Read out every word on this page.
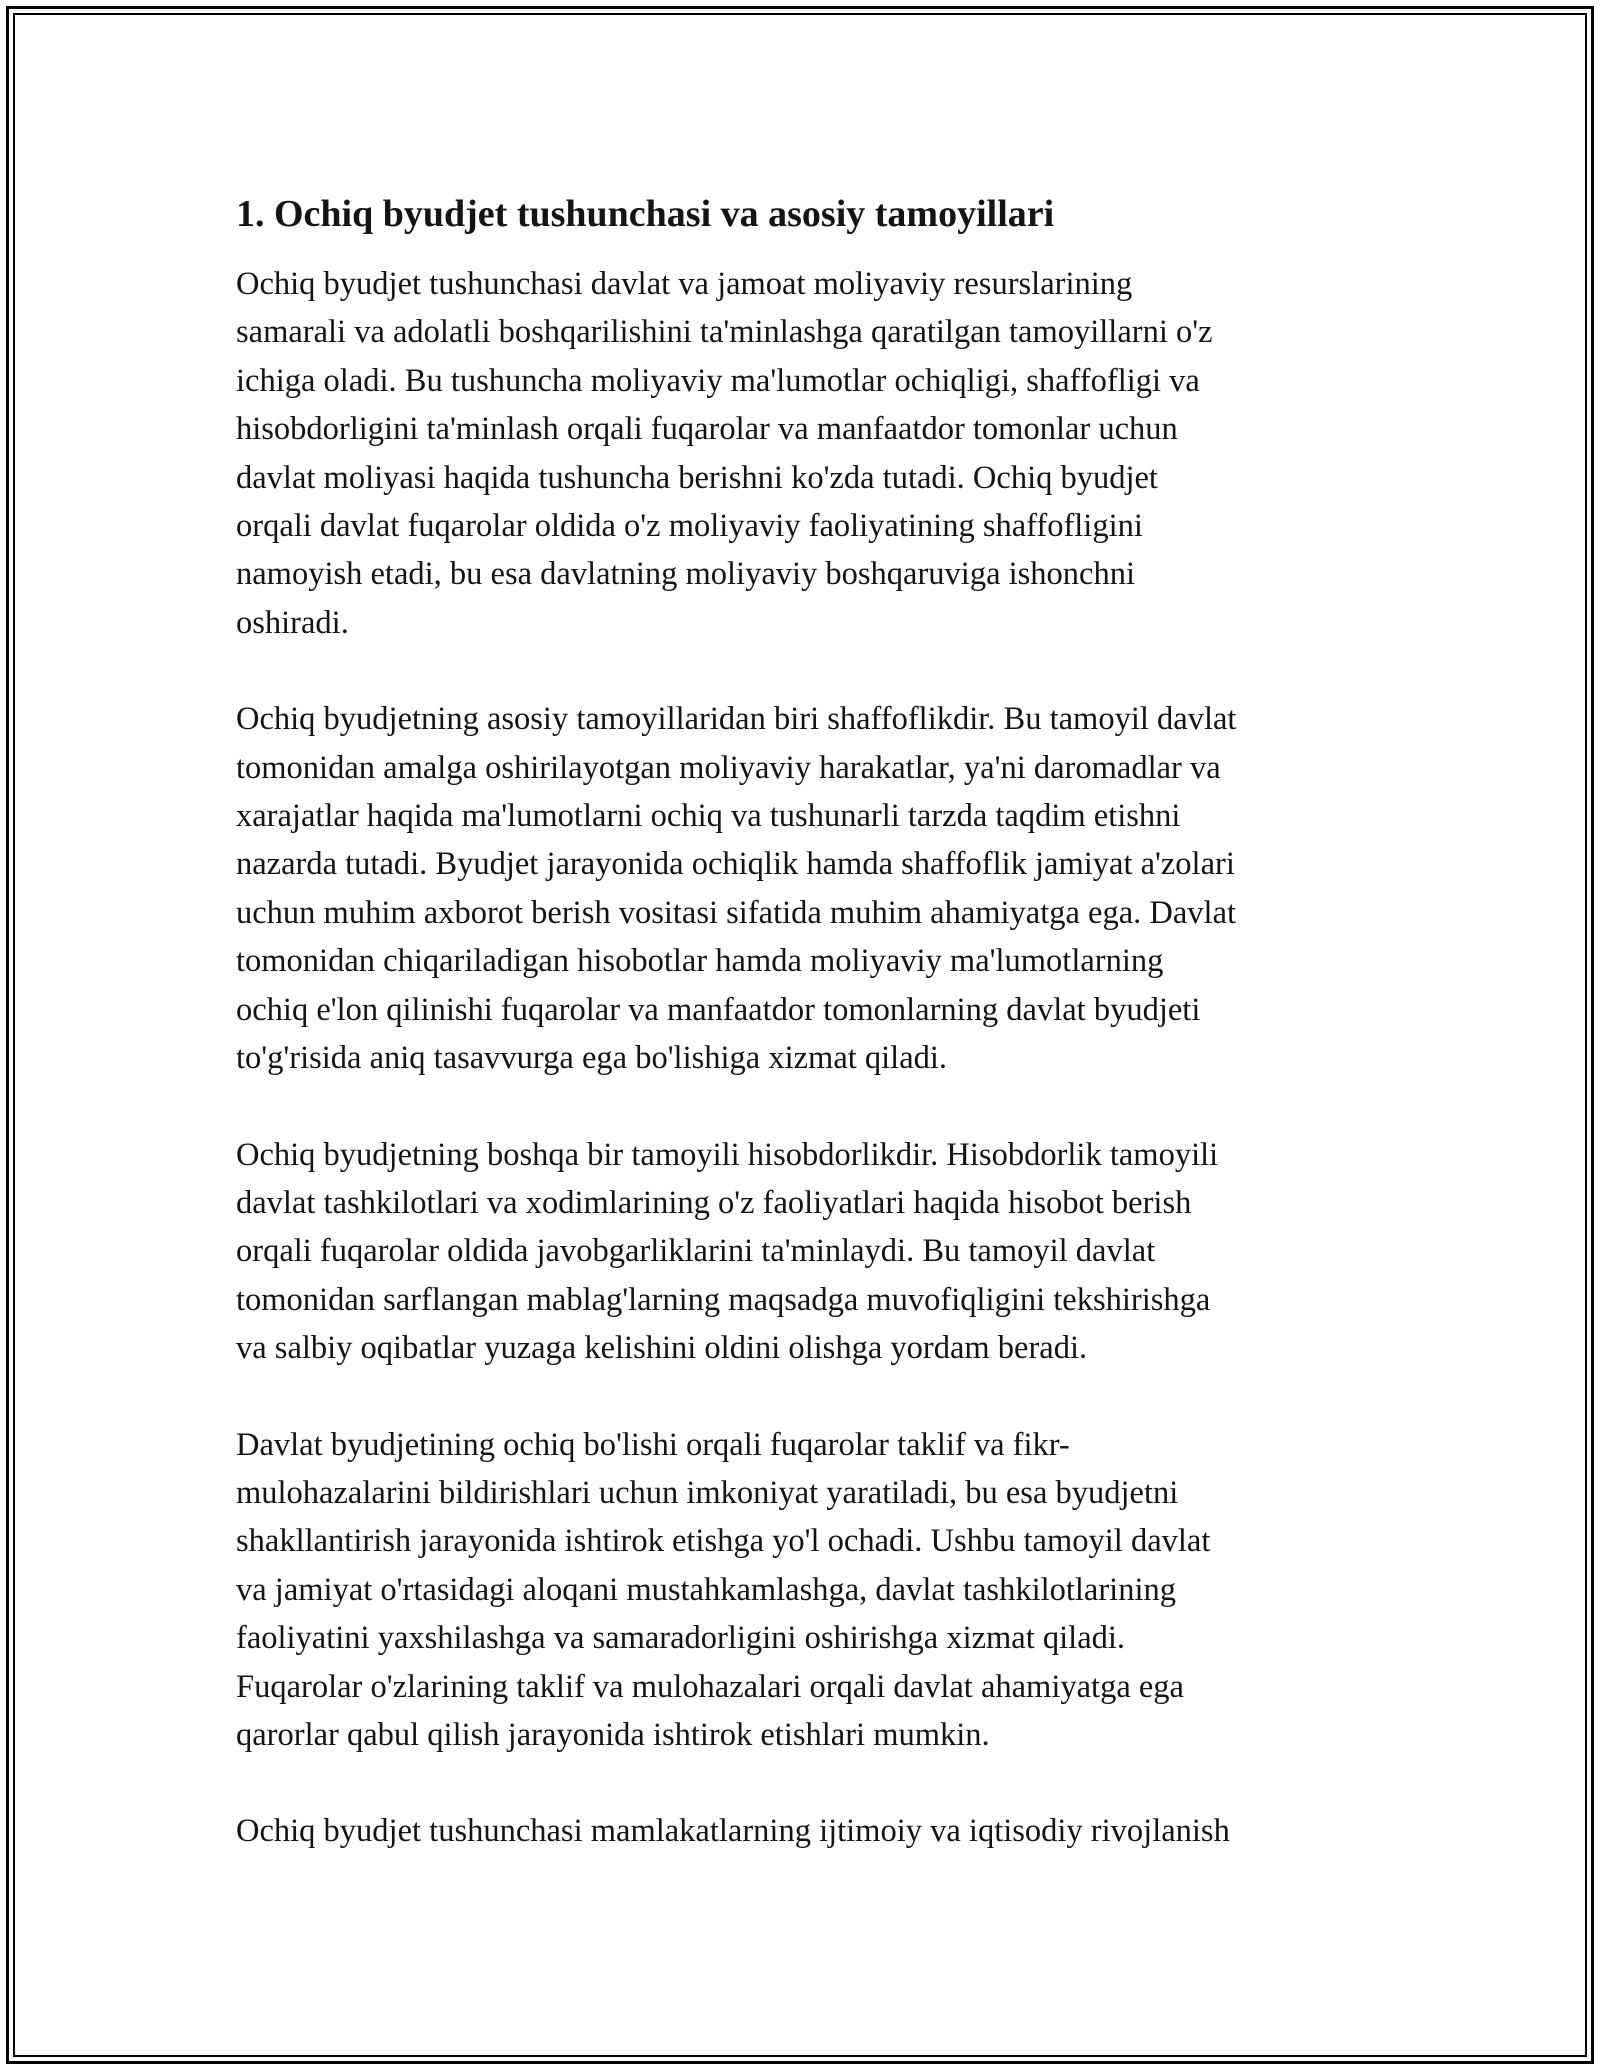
1. Ochiq byudjet tushunchasi va asosiy tamoyillari

Ochiq byudjet tushunchasi davlat va jamoat moliyaviy resurslarining
samarali va adolatli boshqarilishini ta'minlashga qaratilgan tamoyillarni o'z
ichiga oladi. Bu tushuncha moliyaviy ma'lumotlar ochiqligi, shaffofligi va
hisobdorligini ta'minlash orqali fuqarolar va manfaatdor tomonlar uchun
davlat moliyasi haqida tushuncha berishni ko'zda tutadi. Ochiq byudjet
orqali davlat fuqarolar oldida o'z moliyaviy faoliyatining shaffofligini
namoyish etadi, bu esa davlatning moliyaviy boshqaruviga ishonchni
oshiradi.

Ochiq byudjetning asosiy tamoyillaridan biri shaffoflikdir. Bu tamoyil davlat
tomonidan amalga oshirilayotgan moliyaviy harakatlar, ya'ni daromadlar va
xarajatlar haqida ma'lumotlarni ochiq va tushunarli tarzda taqdim etishni
nazarda tutadi. Byudjet jarayonida ochiqlik hamda shaffoflik jamiyat a'zolari
uchun muhim axborot berish vositasi sifatida muhim ahamiyatga ega. Davlat
tomonidan chiqariladigan hisobotlar hamda moliyaviy ma'lumotlarning
ochiq e'lon qilinishi fuqarolar va manfaatdor tomonlarning davlat byudjeti
to'g'risida aniq tasavvurga ega bo'lishiga xizmat qiladi.

Ochiq byudjetning boshqa bir tamoyili hisobdorlikdir. Hisobdorlik tamoyili
davlat tashkilotlari va xodimlarining o'z faoliyatlari haqida hisobot berish
orqali fuqarolar oldida javobgarliklarini ta'minlaydi. Bu tamoyil davlat
tomonidan sarflangan mablag'larning maqsadga muvofiqligini tekshirishga
va salbiy oqibatlar yuzaga kelishini oldini olishga yordam beradi.

Davlat byudjetining ochiq bo'lishi orqali fuqarolar taklif va fikr-
mulohazalarini bildirishlari uchun imkoniyat yaratiladi, bu esa byudjetni
shakllantirish jarayonida ishtirok etishga yo'l ochadi. Ushbu tamoyil davlat
va jamiyat o'rtasidagi aloqani mustahkamlashga, davlat tashkilotlarining
faoliyatini yaxshilashga va samaradorligini oshirishga xizmat qiladi.
Fuqarolar o'zlarining taklif va mulohazalari orqali davlat ahamiyatga ega
qarorlar qabul qilish jarayonida ishtirok etishlari mumkin.

Ochiq byudjet tushunchasi mamlakatlarning ijtimoiy va iqtisodiy rivojlanish
